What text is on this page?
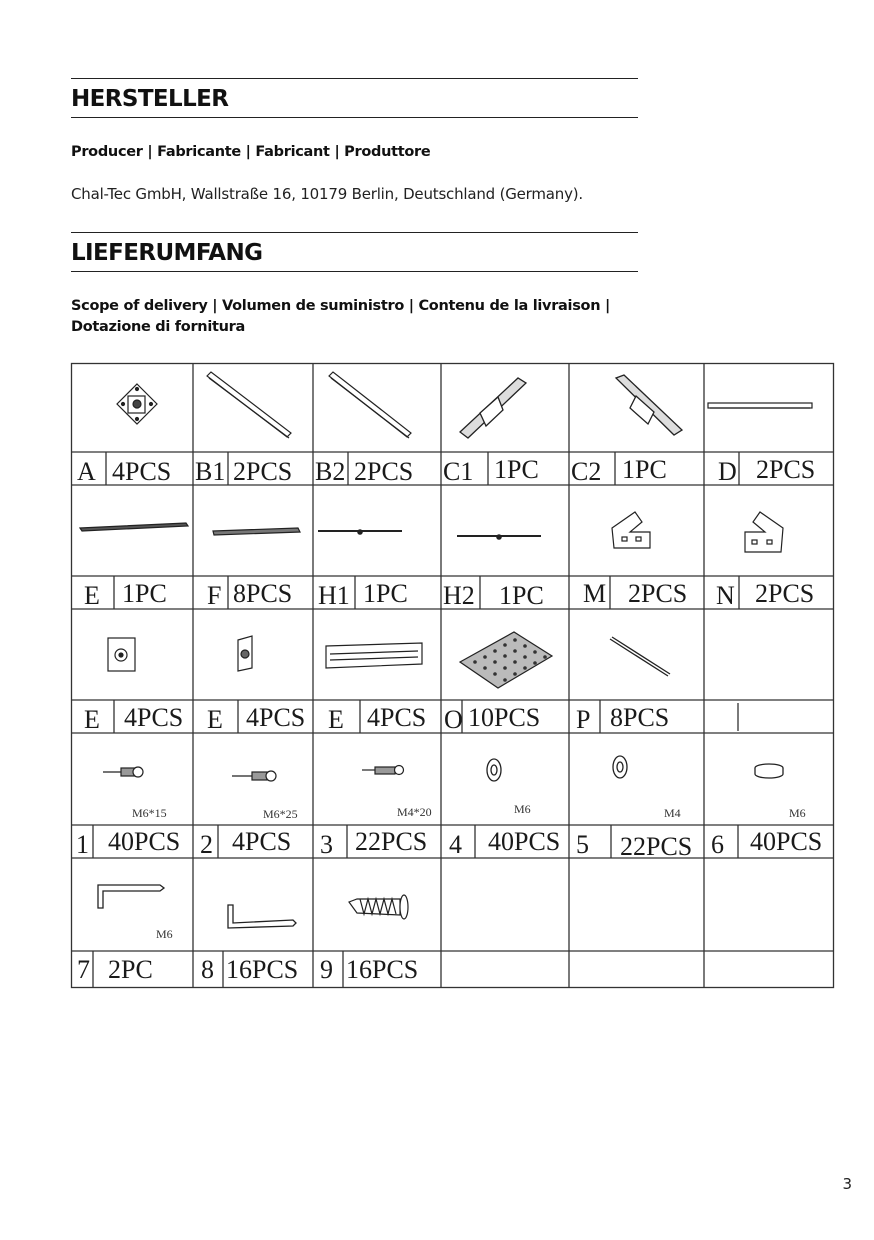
HERSTELLER
Producer | Fabricante | Fabricant | Produttore
Chal-Tec GmbH, Wallstraße 16, 10179 Berlin, Deutschland (Germany).
LIEFERUMFANG
Scope of delivery | Volumen de suministro | Contenu de la livraison |
Dotazione di fornitura
M6*15	M6*25	M4*20	M6	M4	M6
M6
A 4PCS B1 2PCS B2 2PCS C1 1PC C2 1PC D 2PCS
E 1PC F 8PCS H1 1PC H2 1PC M 2PCS N 2PCS
E 4PCS E 4PCS E 4PCS O 10PCS P 8PCS
1 40PCS 2 4PCS 3 22PCS 4 40PCS 5 22PCS 6 40PCS
7 2PC 8 16PCS 9 16PCS
3
